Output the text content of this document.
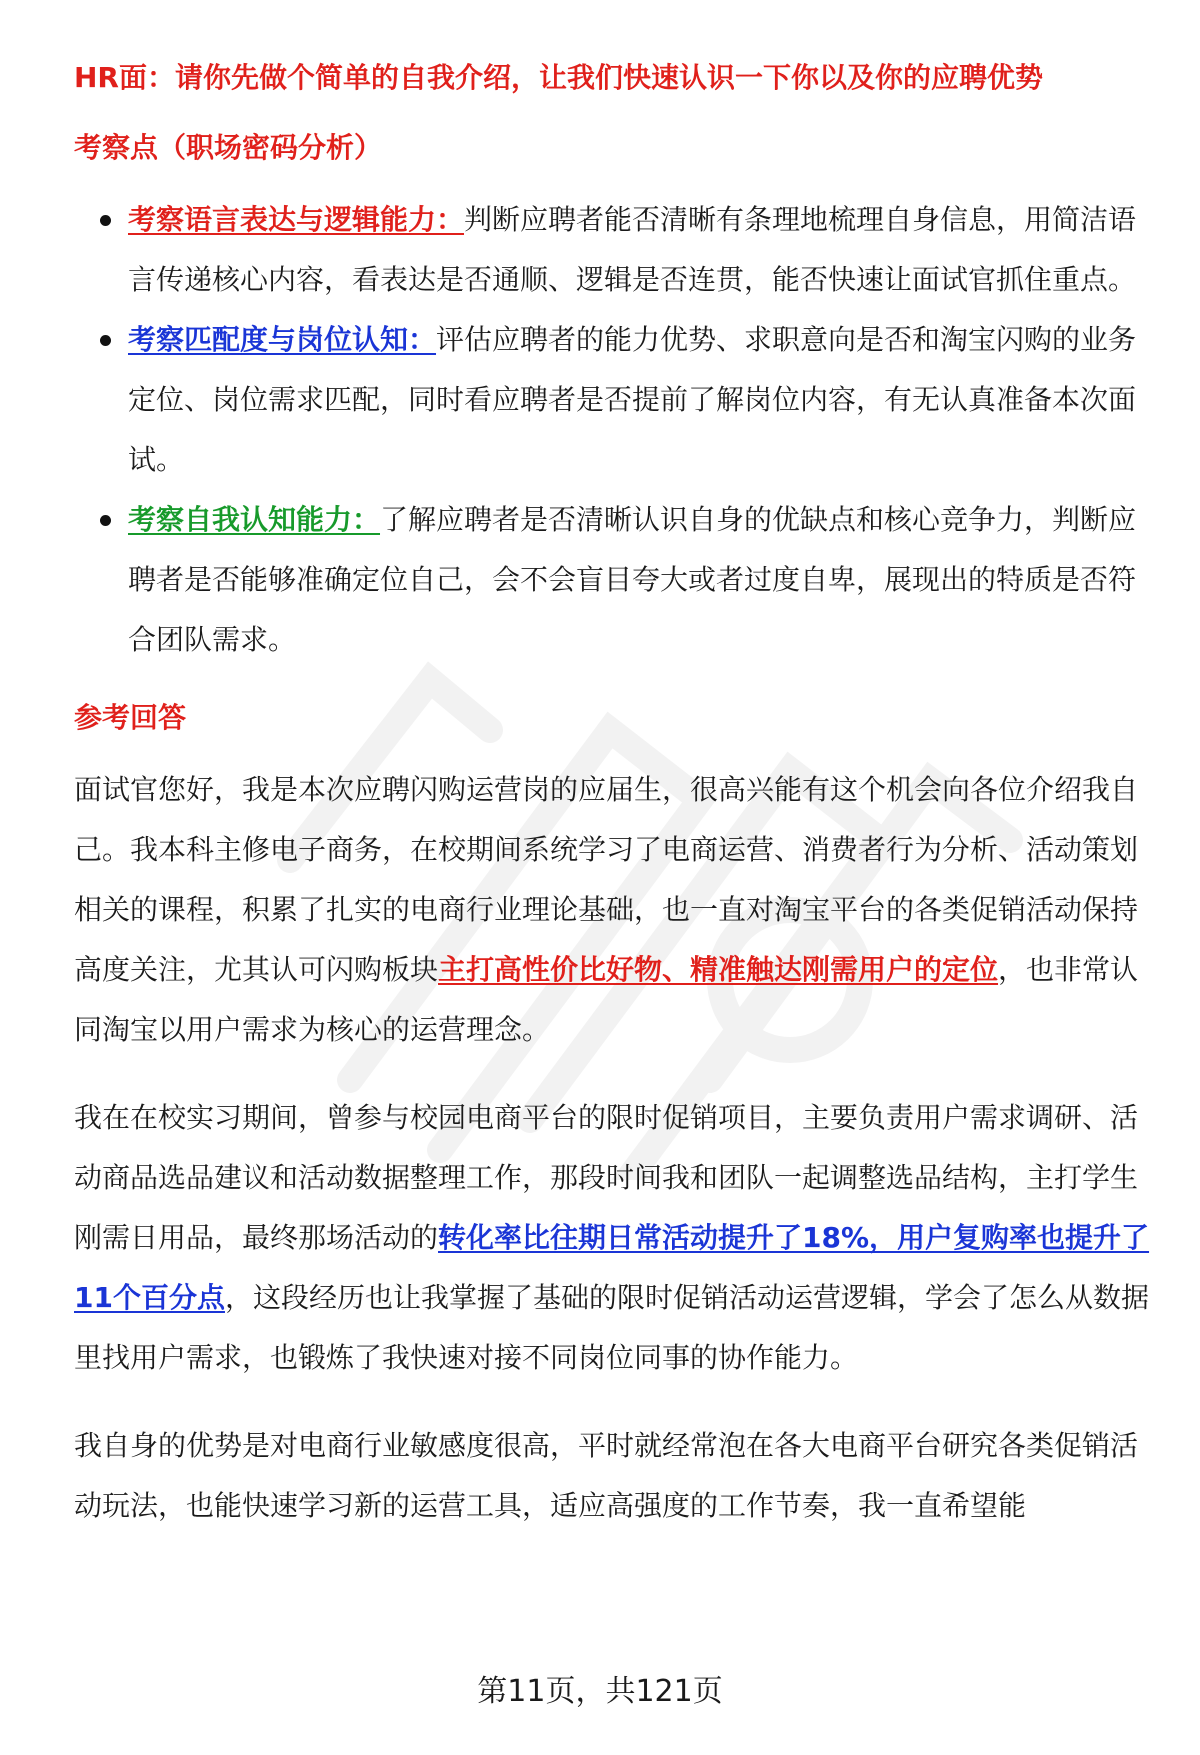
HR面：请你先做个简单的自我介绍，让我们快速认识一下你以及你的应聘优势
考察点（职场密码分析）
考察语言表达与逻辑能力：判断应聘者能否清晰有条理地梳理自身信息，用简洁语言传递核心内容，看表达是否通顺、逻辑是否连贯，能否快速让面试官抓住重点。
考察匹配度与岗位认知：评估应聘者的能力优势、求职意向是否和淘宝闪购的业务定位、岗位需求匹配，同时看应聘者是否提前了解岗位内容，有无认真准备本次面试。
考察自我认知能力：了解应聘者是否清晰认识自身的优缺点和核心竞争力，判断应聘者是否能够准确定位自己，会不会盲目夸大或者过度自卑，展现出的特质是否符合团队需求。
参考回答

面试官您好，我是本次应聘闪购运营岗的应届生，很高兴能有这个机会向各位介绍我自己。我本科主修电子商务，在校期间系统学习了电商运营、消费者行为分析、活动策划相关的课程，积累了扎实的电商行业理论基础，也一直对淘宝平台的各类促销活动保持高度关注，尤其认可闪购板块主打高性价比好物、精准触达刚需用户的定位，也非常认同淘宝以用户需求为核心的运营理念。

我在在校实习期间，曾参与校园电商平台的限时促销项目，主要负责用户需求调研、活动商品选品建议和活动数据整理工作，那段时间我和团队一起调整选品结构，主打学生刚需日用品，最终那场活动的转化率比往期日常活动提升了18%，用户复购率也提升了11个百分点，这段经历也让我掌握了基础的限时促销活动运营逻辑，学会了怎么从数据里找用户需求，也锻炼了我快速对接不同岗位同事的协作能力。

我自身的优势是对电商行业敏感度很高，平时就经常泡在各大电商平台研究各类促销活动玩法，也能快速学习新的运营工具，适应高强度的工作节奏，我一直希望能

第11页，共121页
